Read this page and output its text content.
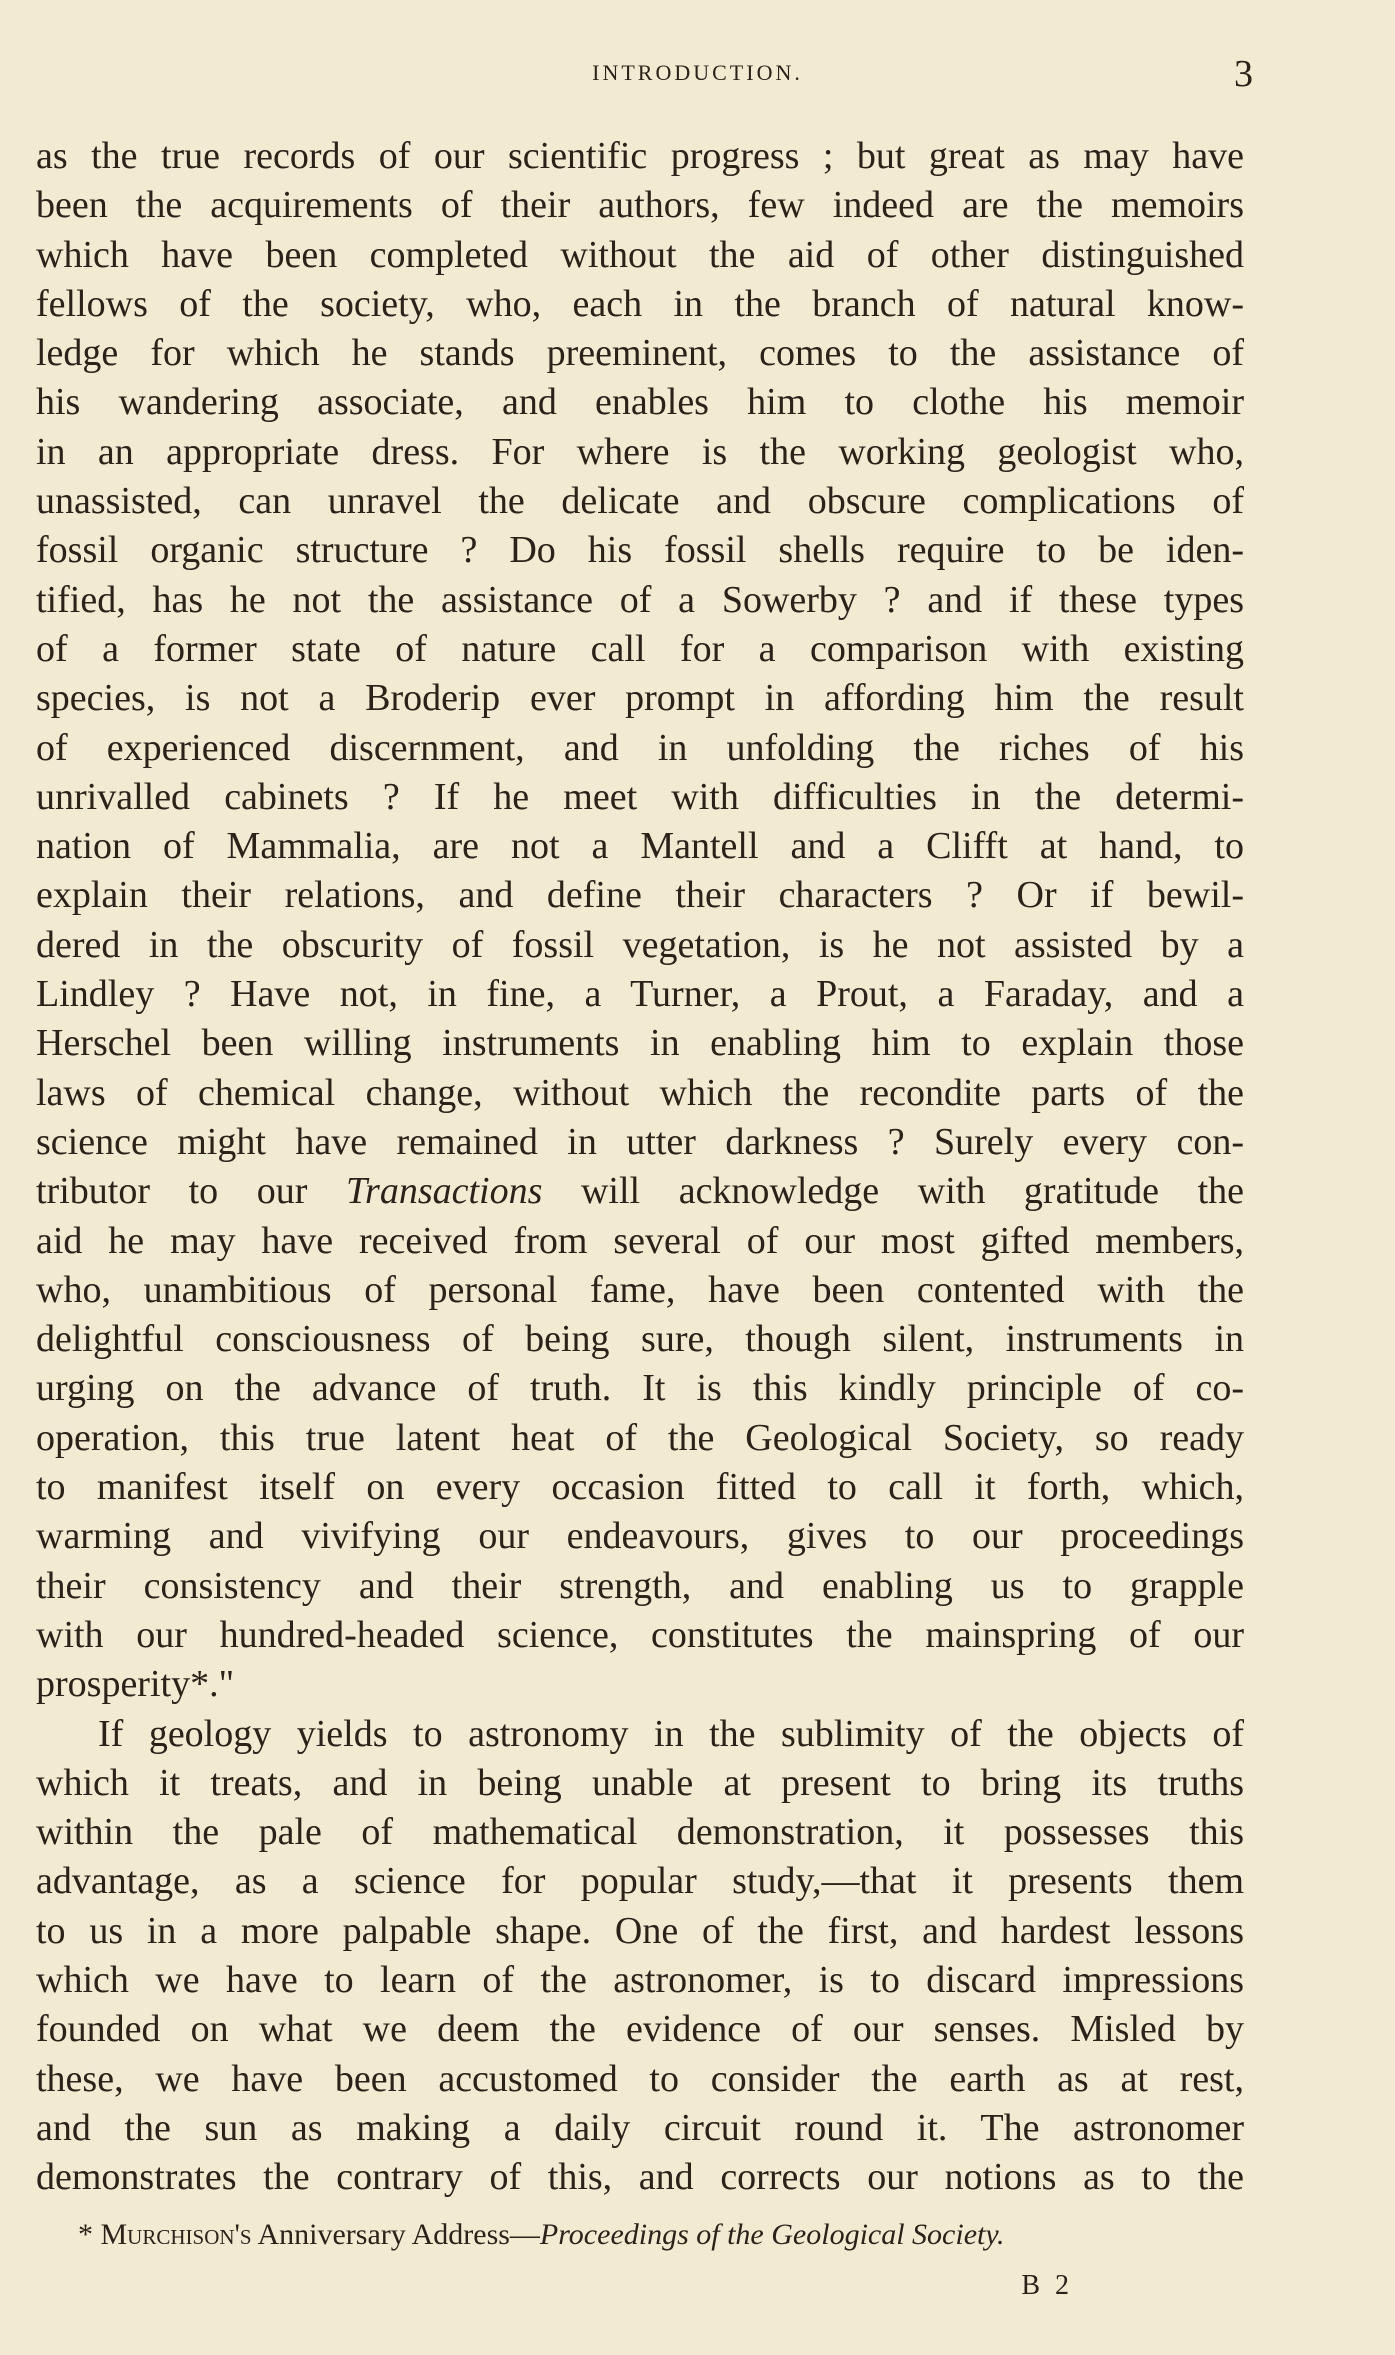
INTRODUCTION.	3
as the true records of our scientific progress ; but great as may have
been the acquirements of their authors, few indeed are the memoirs
which have been completed without the aid of other distinguished
fellows of the society, who, each in the branch of natural know-
ledge for which he stands preeminent, comes to the assistance of
his wandering associate, and enables him to clothe his memoir
in an appropriate dress. For where is the working geologist who,
unassisted, can unravel the delicate and obscure complications of
fossil organic structure ? Do his fossil shells require to be iden-
tified, has he not the assistance of a Sowerby ? and if these types
of a former state of nature call for a comparison with existing
species, is not a Broderip ever prompt in affording him the result
of experienced discernment, and in unfolding the riches of his
unrivalled cabinets ? If he meet with difficulties in the determi-
nation of Mammalia, are not a Mantell and a Clifft at hand, to
explain their relations, and define their characters ? Or if bewil-
dered in the obscurity of fossil vegetation, is he not assisted by a
Lindley ? Have not, in fine, a Turner, a Prout, a Faraday, and a
Herschel been willing instruments in enabling him to explain those
laws of chemical change, without which the recondite parts of the
science might have remained in utter darkness ? Surely every con-
tributor to our Transactions will acknowledge with gratitude the
aid he may have received from several of our most gifted members,
who, unambitious of personal fame, have been contented with the
delightful consciousness of being sure, though silent, instruments in
urging on the advance of truth. It is this kindly principle of co-
operation, this true latent heat of the Geological Society, so ready
to manifest itself on every occasion fitted to call it forth, which,
warming and vivifying our endeavours, gives to our proceedings
their consistency and their strength, and enabling us to grapple
with our hundred-headed science, constitutes the mainspring of our
prosperity*."
If geology yields to astronomy in the sublimity of the objects of
which it treats, and in being unable at present to bring its truths
within the pale of mathematical demonstration, it possesses this
advantage, as a science for popular study,—that it presents them
to us in a more palpable shape. One of the first, and hardest lessons
which we have to learn of the astronomer, is to discard impressions
founded on what we deem the evidence of our senses. Misled by
these, we have been accustomed to consider the earth as at rest,
and the sun as making a daily circuit round it. The astronomer
demonstrates the contrary of this, and corrects our notions as to the
* Murchison's Anniversary Address—Proceedings of the Geological Society.
B 2
